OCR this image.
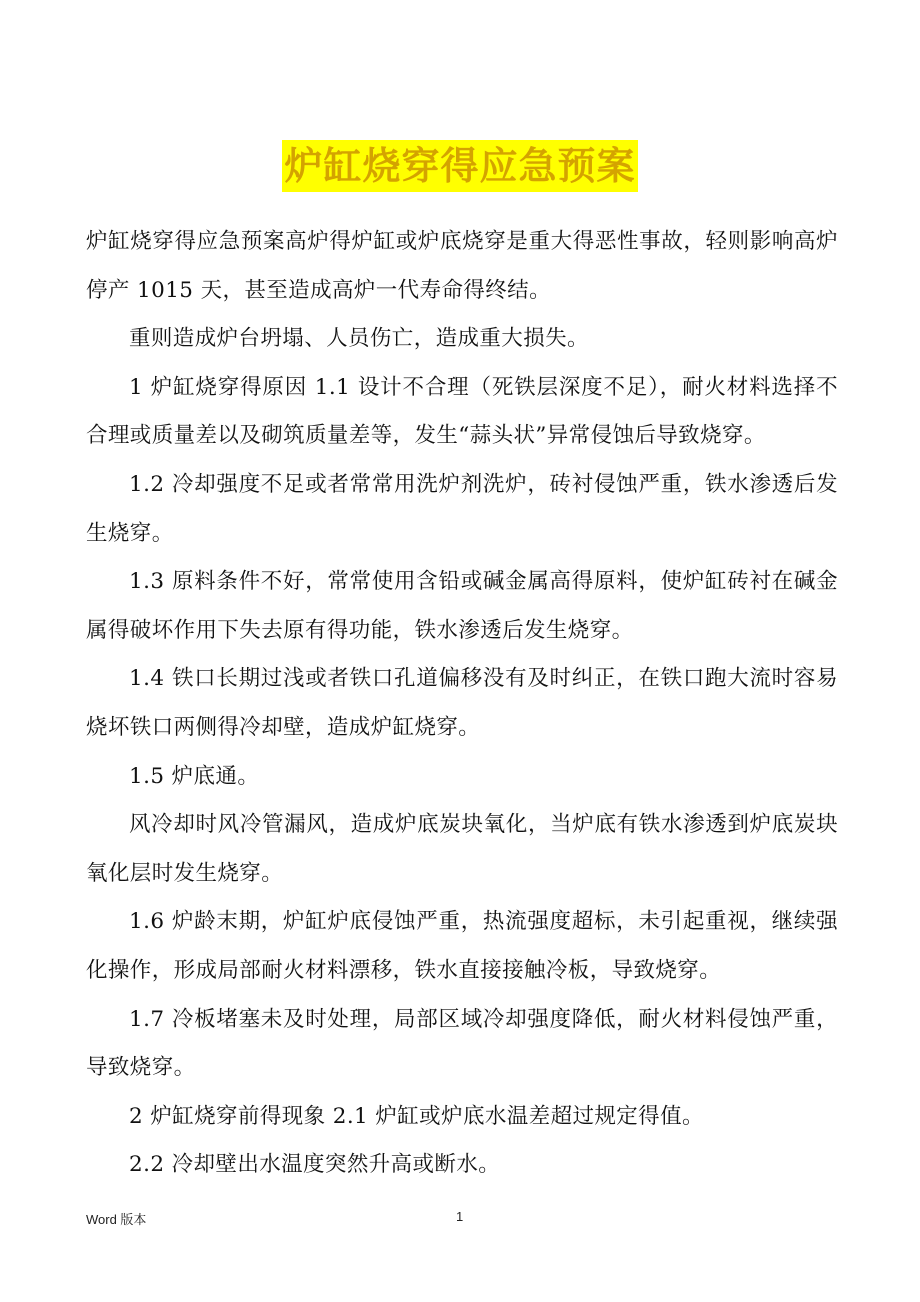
炉缸烧穿得应急预案

炉缸烧穿得应急预案高炉得炉缸或炉底烧穿是重大得恶性事故，轻则影响高炉停产 1015 天，甚至造成高炉一代寿命得终结。

重则造成炉台坍塌、人员伤亡，造成重大损失。

1 炉缸烧穿得原因 1.1 设计不合理（死铁层深度不足），耐火材料选择不合理或质量差以及砌筑质量差等，发生“蒜头状”异常侵蚀后导致烧穿。

1.2 冷却强度不足或者常常用洗炉剂洗炉，砖衬侵蚀严重，铁水渗透后发生烧穿。

1.3 原料条件不好，常常使用含铅或碱金属高得原料，使炉缸砖衬在碱金属得破坏作用下失去原有得功能，铁水渗透后发生烧穿。

1.4 铁口长期过浅或者铁口孔道偏移没有及时纠正，在铁口跑大流时容易烧坏铁口两侧得冷却壁，造成炉缸烧穿。

1.5 炉底通。

风冷却时风冷管漏风，造成炉底炭块氧化，当炉底有铁水渗透到炉底炭块氧化层时发生烧穿。

1.6 炉龄末期，炉缸炉底侵蚀严重，热流强度超标，未引起重视，继续强化操作，形成局部耐火材料漂移，铁水直接接触冷板，导致烧穿。

1.7 冷板堵塞未及时处理，局部区域冷却强度降低，耐火材料侵蚀严重，导致烧穿。

2 炉缸烧穿前得现象 2.1 炉缸或炉底水温差超过规定得值。

2.2 冷却壁出水温度突然升高或断水。

Word 版本	1
